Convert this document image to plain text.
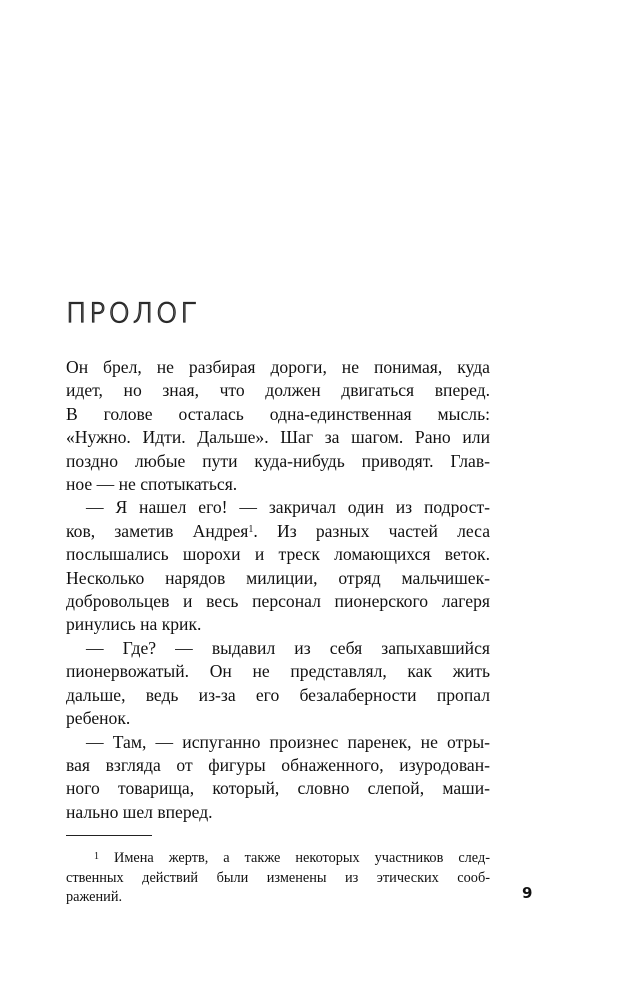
ПРОЛОГ
Он брел, не разбирая дороги, не понимая, куда
идет, но зная, что должен двигаться вперед.
В голове осталась одна-единственная мысль:
«Нужно. Идти. Дальше». Шаг за шагом. Рано или
поздно любые пути куда-нибудь приводят. Глав-
ное — не спотыкаться.
— Я нашел его! — закричал один из подрост-
ков, заметив Андрея$^1$. Из разных частей леса
послышались шорохи и треск ломающихся веток.
Несколько нарядов милиции, отряд мальчишек-
добровольцев и весь персонал пионерского лагеря
ринулись на крик.
— Где? — выдавил из себя запыхавшийся
пионервожатый. Он не представлял, как жить
дальше, ведь из-за его безалаберности пропал
ребенок.
— Там, — испуганно произнес паренек, не отры-
вая взгляда от фигуры обнаженного, изуродован-
ного товарища, который, словно слепой, маши-
нально шел вперед.
$^1$ Имена жертв, а также некоторых участников след-
ственных действий были изменены из этических сооб-
ражений.	9
